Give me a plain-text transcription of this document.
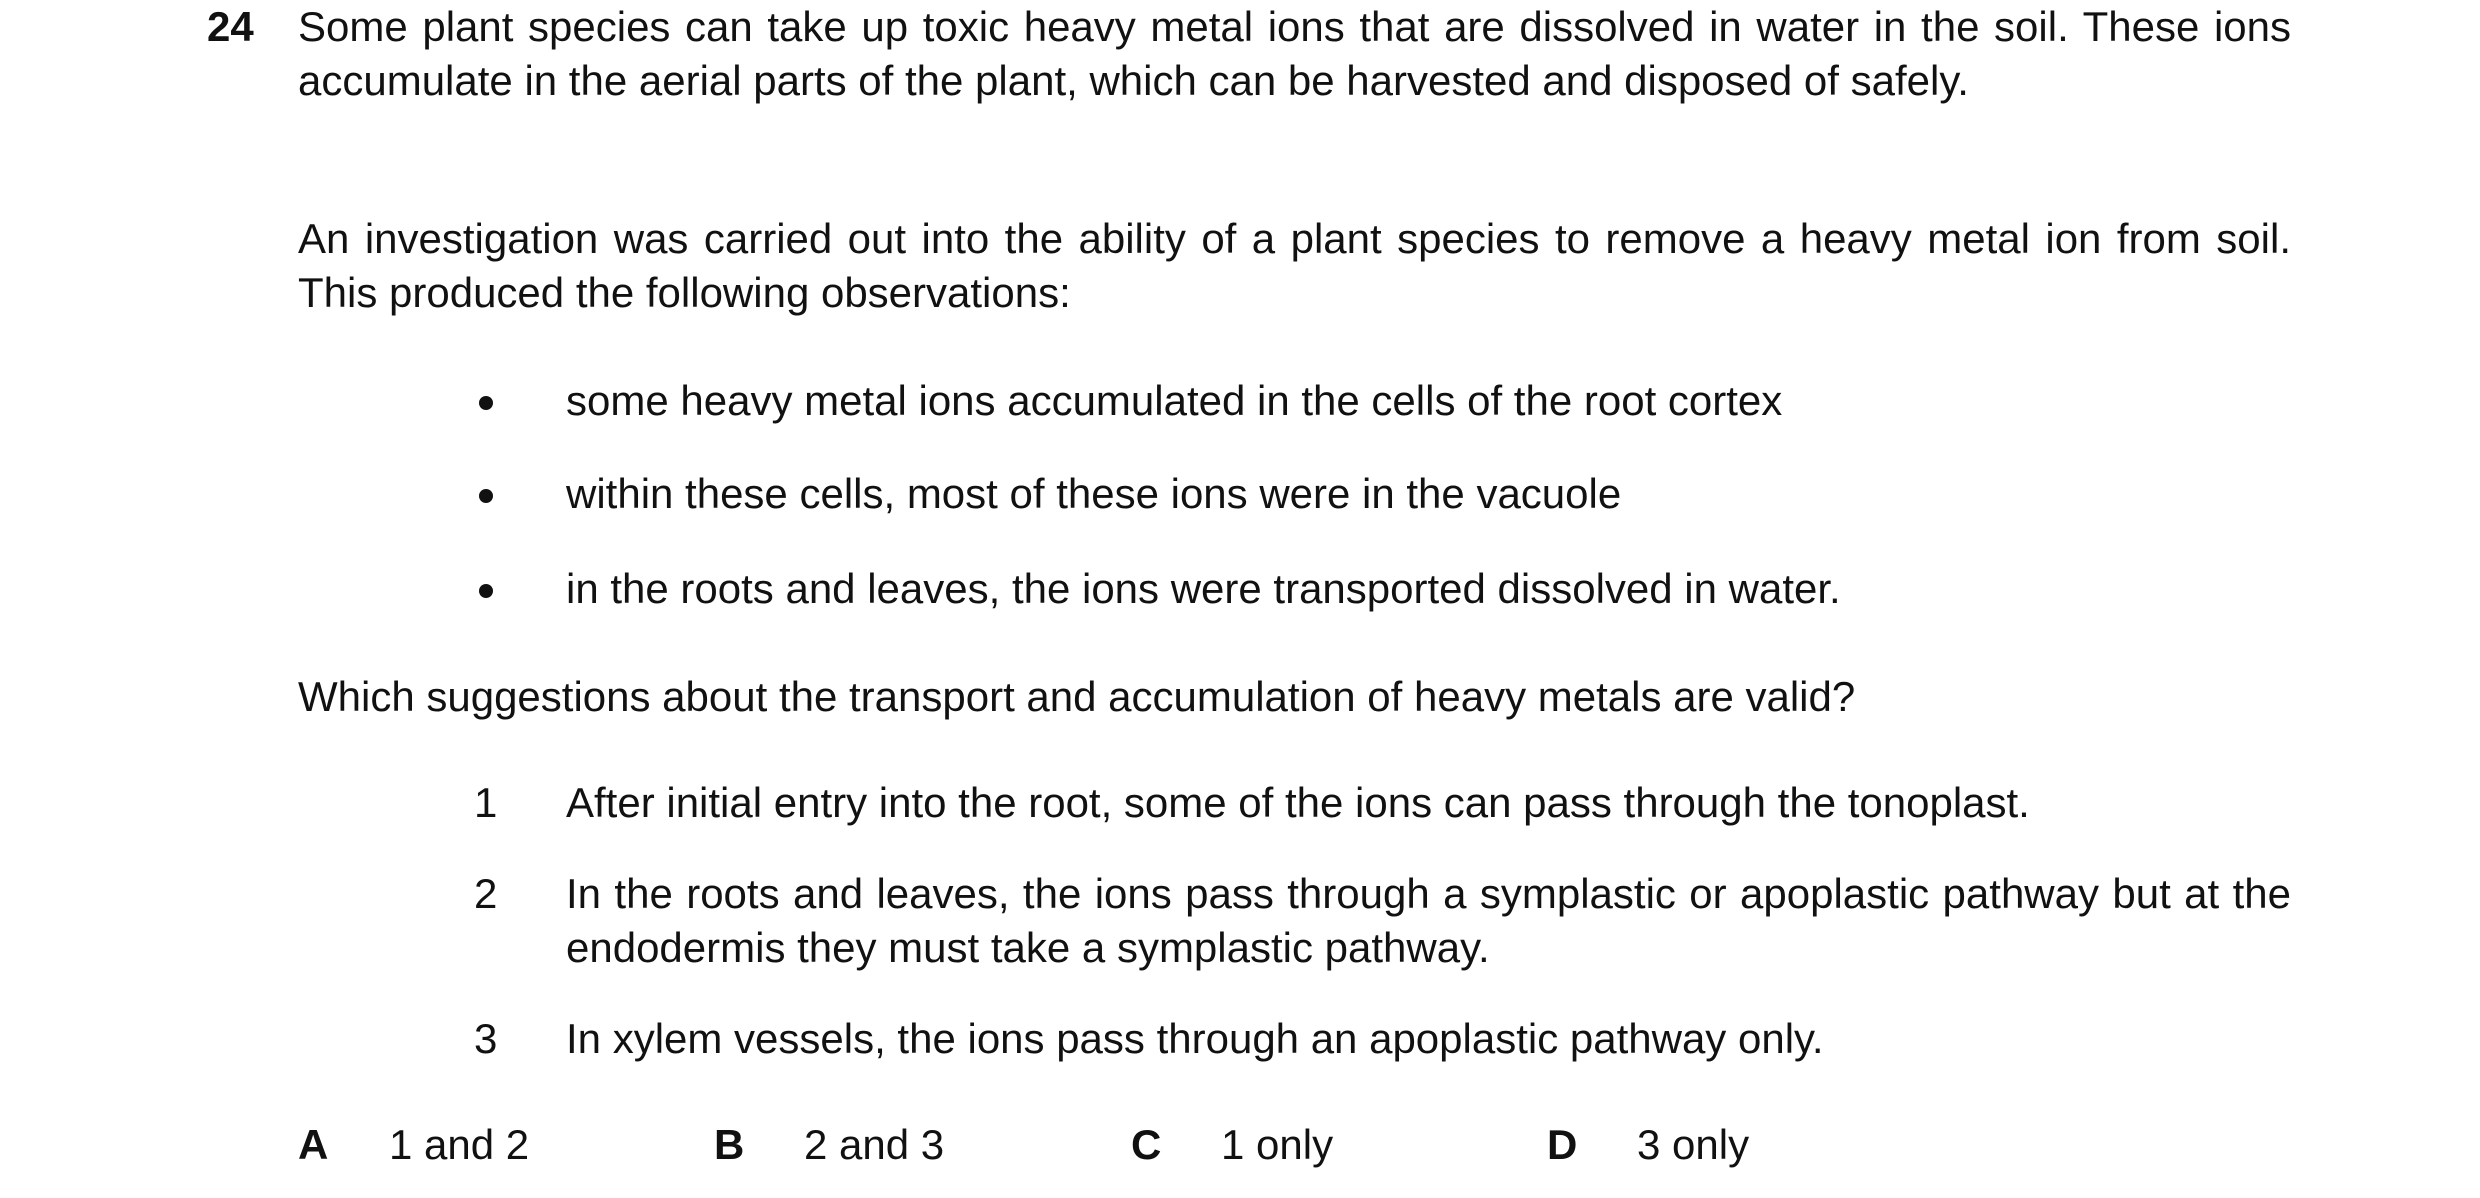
24 Some plant species can take up toxic heavy metal ions that are dissolved in water in the soil. These ions accumulate in the aerial parts of the plant, which can be harvested and disposed of safely.
An investigation was carried out into the ability of a plant species to remove a heavy metal ion from soil. This produced the following observations:
some heavy metal ions accumulated in the cells of the root cortex
within these cells, most of these ions were in the vacuole
in the roots and leaves, the ions were transported dissolved in water.
Which suggestions about the transport and accumulation of heavy metals are valid?
1	After initial entry into the root, some of the ions can pass through the tonoplast.
2	In the roots and leaves, the ions pass through a symplastic or apoplastic pathway but at the endodermis they must take a symplastic pathway.
3	In xylem vessels, the ions pass through an apoplastic pathway only.
A 1 and 2	B 2 and 3	C 1 only	D 3 only
